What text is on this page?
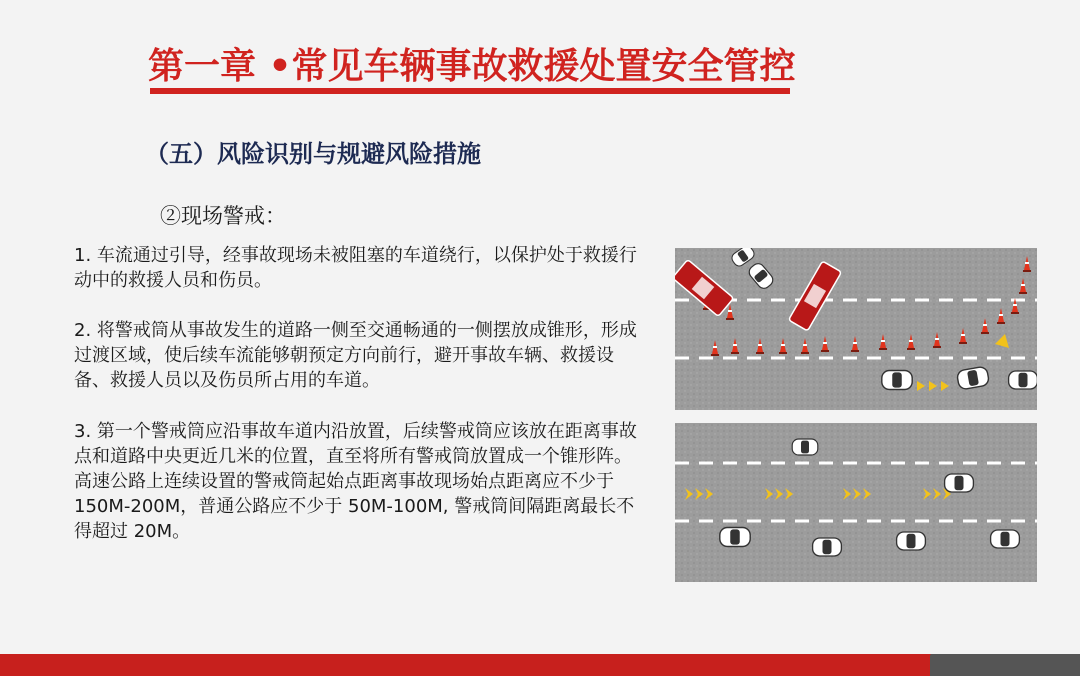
第一章 •常见车辆事故救援处置安全管控
（五）风险识别与规避风险措施
②现场警戒：
1. 车流通过引导，经事故现场未被阻塞的车道绕行，以保护处于救援行动中的救援人员和伤员。
2. 将警戒筒从事故发生的道路一侧至交通畅通的一侧摆放成锥形，形成过渡区域，使后续车流能够朝预定方向前行，避开事故车辆、救援设备、救援人员以及伤员所占用的车道。
3. 第一个警戒筒应沿事故车道内沿放置，后续警戒筒应该放在距离事故点和道路中央更近几米的位置，直至将所有警戒筒放置成一个锥形阵。高速公路上连续设置的警戒筒起始点距离事故现场始点距离应不少于 150M-200M，普通公路应不少于 50M-100M, 警戒筒间隔距离最长不得超过 20M。
